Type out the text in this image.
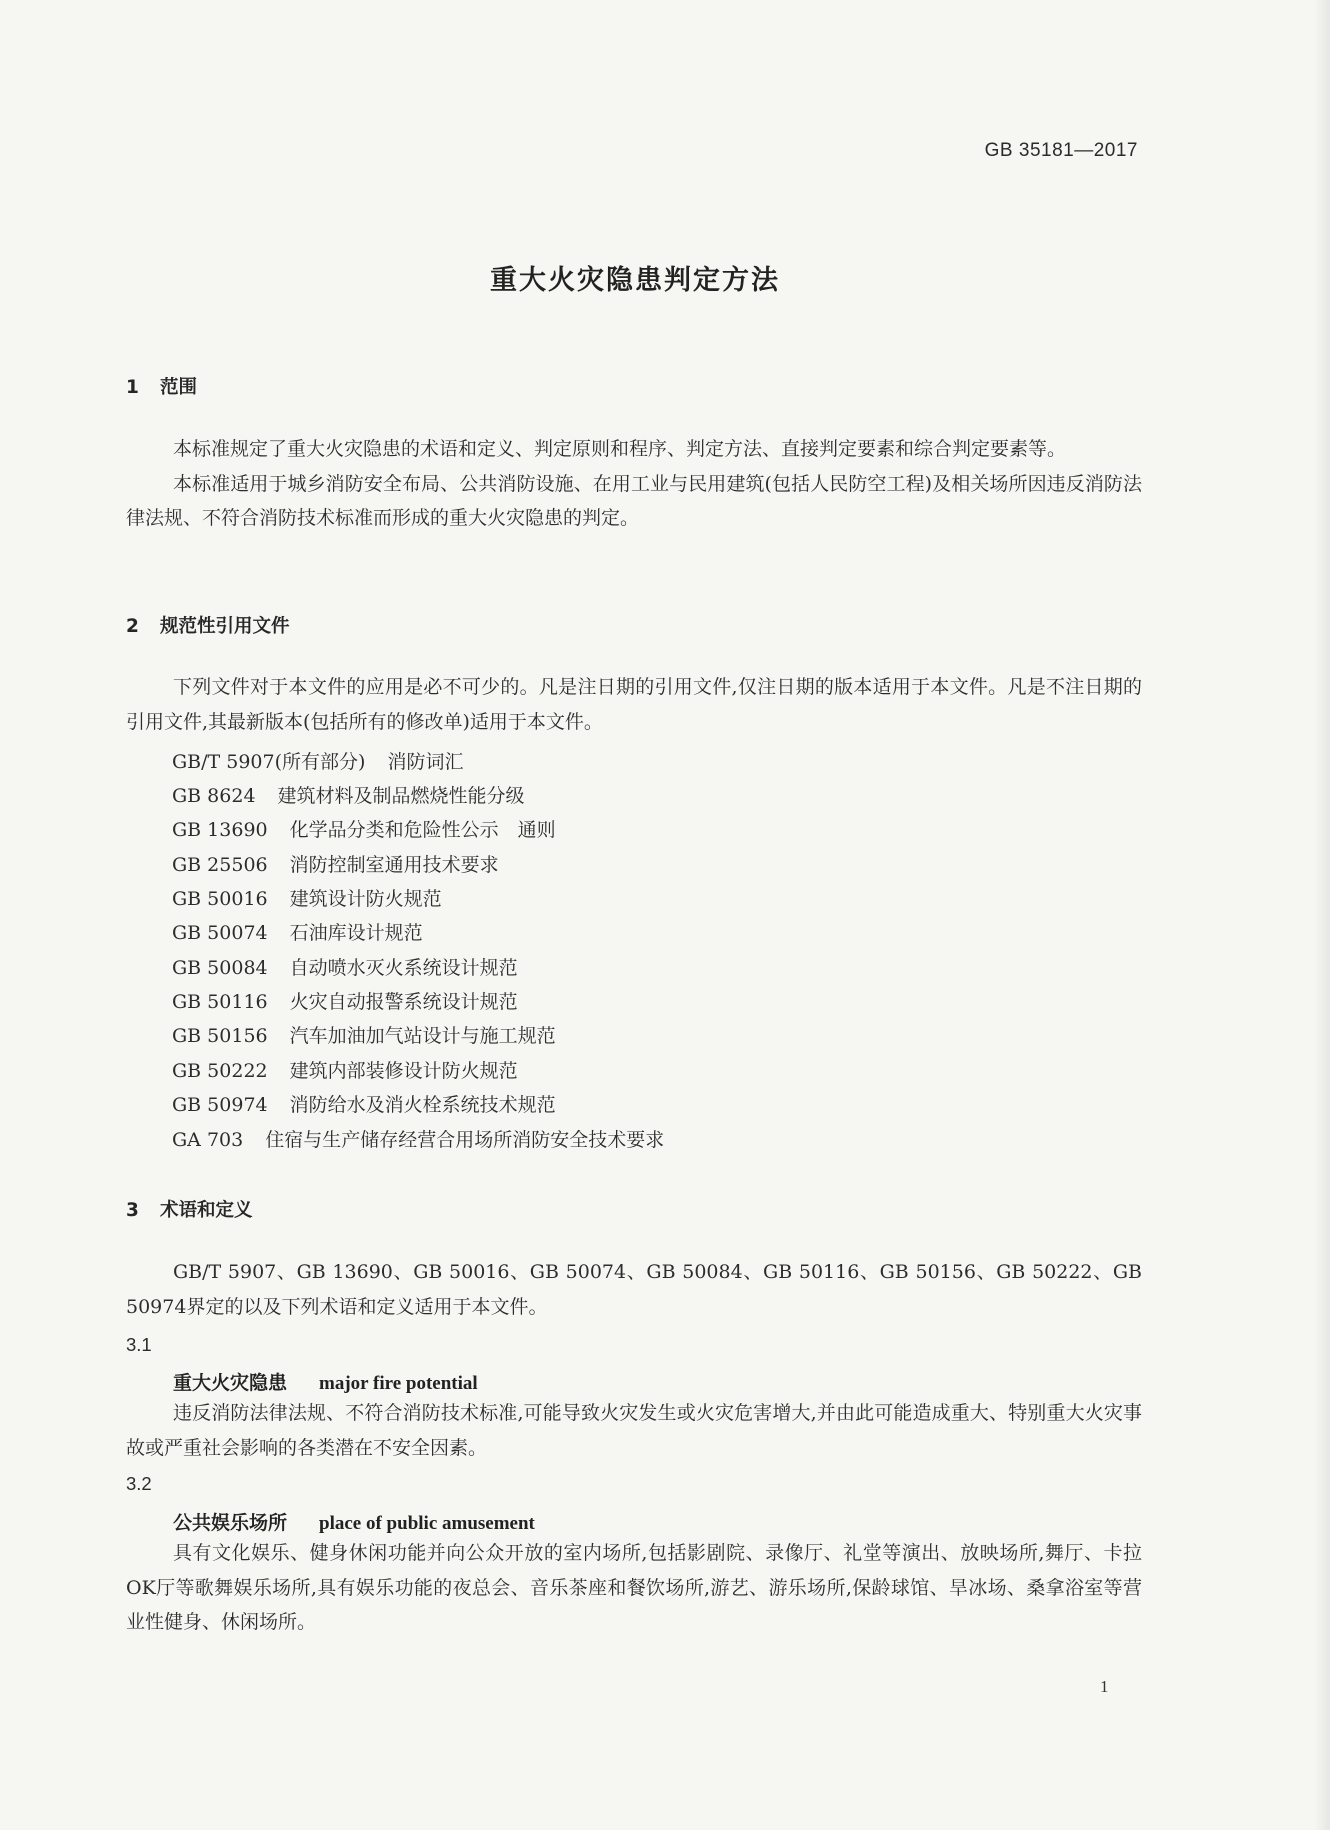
GB 35181—2017
重大火灾隐患判定方法
1 范围

本标准规定了重大火灾隐患的术语和定义、判定原则和程序、判定方法、直接判定要素和综合判定要素等。

本标准适用于城乡消防安全布局、公共消防设施、在用工业与民用建筑(包括人民防空工程)及相关场所因违反消防法律法规、不符合消防技术标准而形成的重大火灾隐患的判定。

2 规范性引用文件

下列文件对于本文件的应用是必不可少的。凡是注日期的引用文件,仅注日期的版本适用于本文件。凡是不注日期的引用文件,其最新版本(包括所有的修改单)适用于本文件。

GB/T 5907(所有部分) 消防词汇
GB 8624 建筑材料及制品燃烧性能分级
GB 13690 化学品分类和危险性公示　通则
GB 25506 消防控制室通用技术要求
GB 50016 建筑设计防火规范
GB 50074 石油库设计规范
GB 50084 自动喷水灭火系统设计规范
GB 50116 火灾自动报警系统设计规范
GB 50156 汽车加油加气站设计与施工规范
GB 50222 建筑内部装修设计防火规范
GB 50974 消防给水及消火栓系统技术规范
GA 703 住宿与生产储存经营合用场所消防安全技术要求
3 术语和定义

GB/T 5907、GB 13690、GB 50016、GB 50074、GB 50084、GB 50116、GB 50156、GB 50222、GB 50974界定的以及下列术语和定义适用于本文件。

3.1
重大火灾隐患 major fire potential

违反消防法律法规、不符合消防技术标准,可能导致火灾发生或火灾危害增大,并由此可能造成重大、特别重大火灾事故或严重社会影响的各类潜在不安全因素。

3.2
公共娱乐场所 place of public amusement

具有文化娱乐、健身休闲功能并向公众开放的室内场所,包括影剧院、录像厅、礼堂等演出、放映场所,舞厅、卡拉OK厅等歌舞娱乐场所,具有娱乐功能的夜总会、音乐茶座和餐饮场所,游艺、游乐场所,保龄球馆、旱冰场、桑拿浴室等营业性健身、休闲场所。

1
